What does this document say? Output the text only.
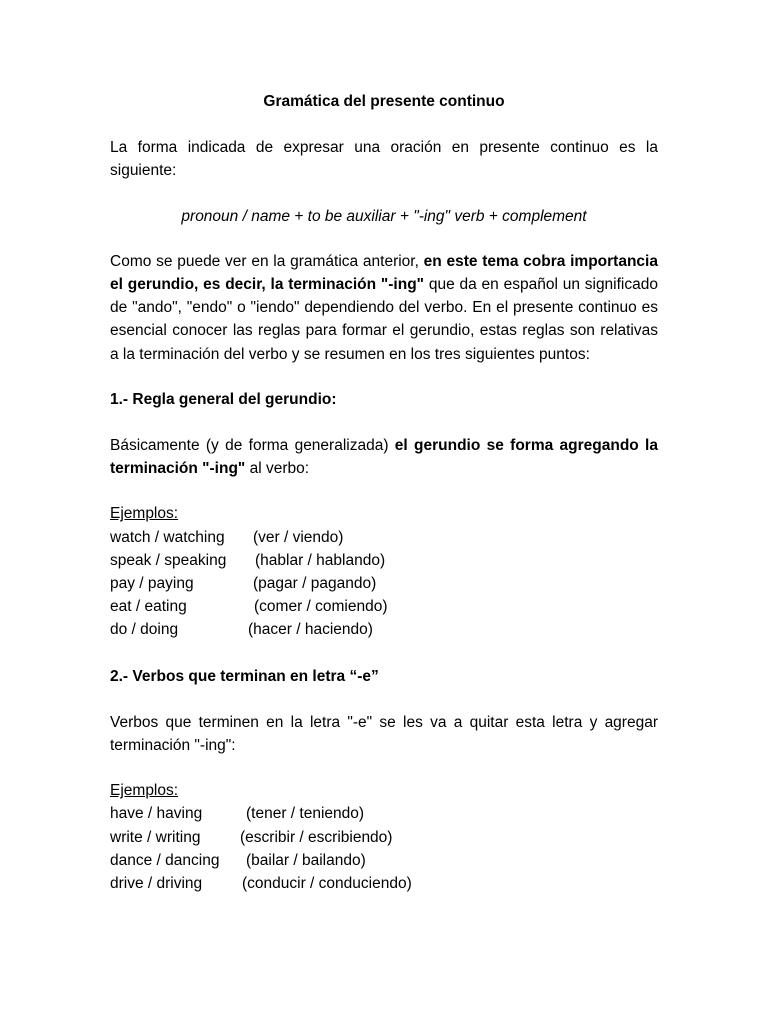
Gramática del presente continuo
La forma indicada de expresar una oración en presente continuo es la siguiente:
pronoun / name + to be auxiliar + "-ing" verb + complement
Como se puede ver en la gramática anterior, en este tema cobra importancia el gerundio, es decir, la terminación "-ing" que da en español un significado de "ando", "endo" o "iendo" dependiendo del verbo. En el presente continuo es esencial conocer las reglas para formar el gerundio, estas reglas son relativas a la terminación del verbo y se resumen en los tres siguientes puntos:
1.- Regla general del gerundio:
Básicamente (y de forma generalizada) el gerundio se forma agregando la terminación "-ing" al verbo:
Ejemplos:
watch / watching	(ver / viendo)
speak / speaking	(hablar / hablando)
pay / paying	(pagar / pagando)
eat / eating	(comer / comiendo)
do / doing	(hacer / haciendo)
2.- Verbos que terminan en letra “-e”
Verbos que terminen en la letra "-e" se les va a quitar esta letra y agregar terminación "-ing":
Ejemplos:
have / having	(tener / teniendo)
write / writing	(escribir / escribiendo)
dance / dancing	(bailar / bailando)
drive / driving	(conducir / conduciendo)
